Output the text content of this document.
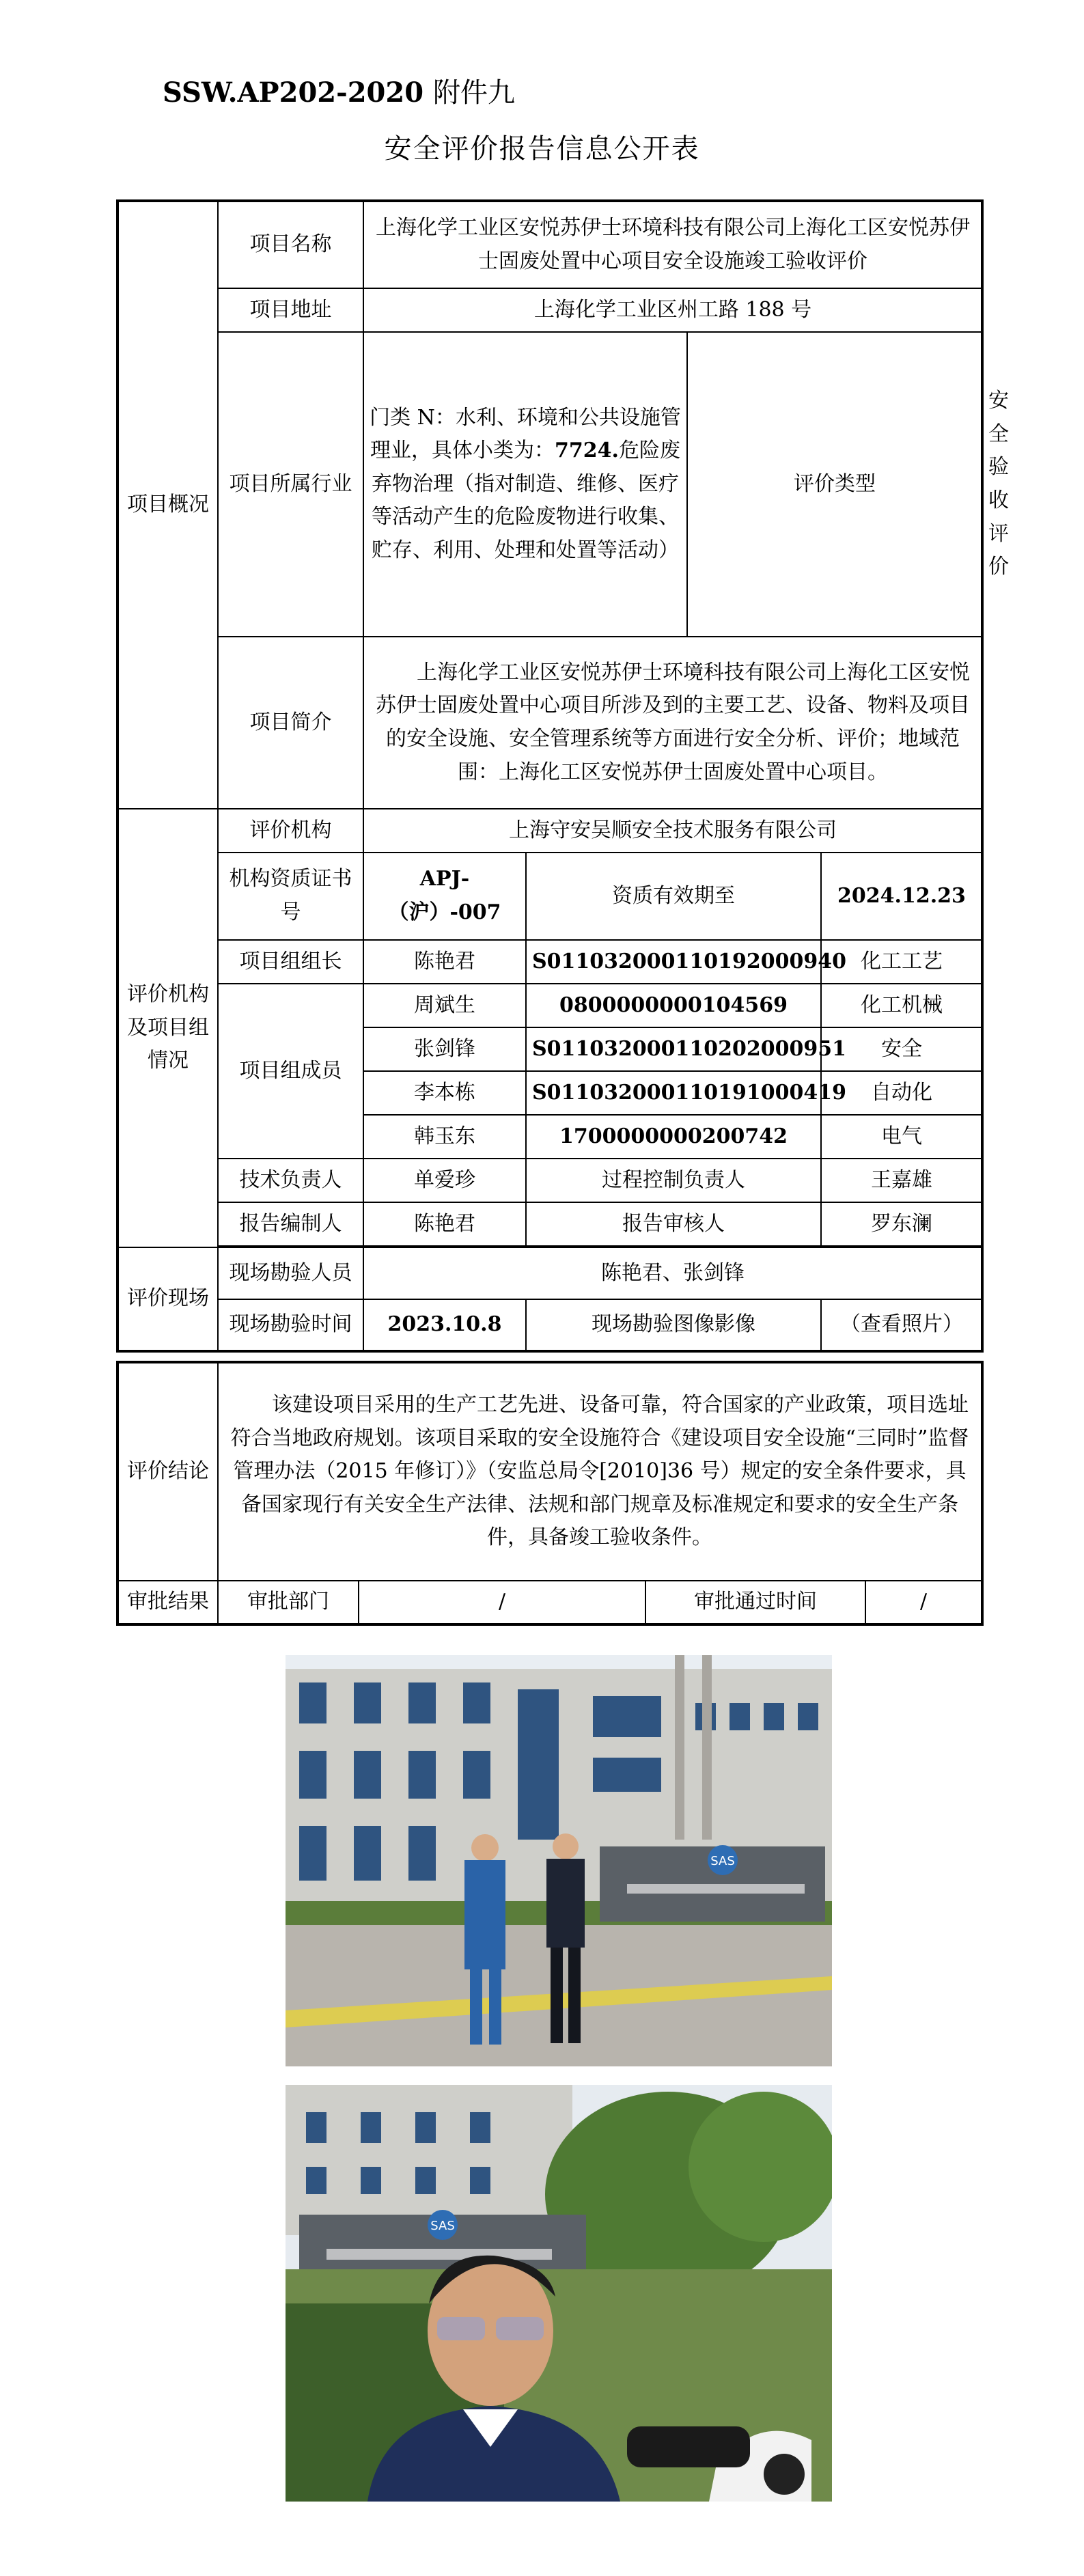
SSW.AP202-2020 附件九
安全评价报告信息公开表
项目概况	项目名称	上海化学工业区安悦苏伊士环境科技有限公司上海化工区安悦苏伊士固废处置中心项目安全设施竣工验收评价				
	项目地址	上海化学工业区州工路 188 号				
	项目所属行业	门类 N：水利、环境和公共设施管理业，具体小类为：7724.危险废弃物治理（指对制造、维修、医疗等活动产生的危险废物进行收集、贮存、利用、处理和处置等活动）		评价类型		安全验收评价
	项目简介	上海化学工业区安悦苏伊士环境科技有限公司上海化工区安悦苏伊士固废处置中心项目所涉及到的主要工艺、设备、物料及项目的安全设施、安全管理系统等方面进行安全分析、评价；地域范围：上海化工区安悦苏伊士固废处置中心项目。				
评价机构及项目组情况	评价机构	上海守安吴顺安全技术服务有限公司				
	机构资质证书号	APJ-（沪）-007	资质有效期至		2024.12.23	
	项目组组长	陈艳君	S011032000110192000940		化工工艺	
	项目组成员	周斌生	0800000000104569		化工机械	
		张剑锋	S011032000110202000951		安全	
		李本栋	S011032000110191000419		自动化	
		韩玉东	1700000000200742		电气	
	技术负责人	单爱珍	过程控制负责人		王嘉雄	
	报告编制人	陈艳君	报告审核人		罗东澜	

评价现场	现场勘验人员	陈艳君、张剑锋				
	现场勘验时间	2023.10.8	现场勘验图像影像		（查看照片）	
评价结论	该建设项目采用的生产工艺先进、设备可靠，符合国家的产业政策，项目选址符合当地政府规划。该项目采取的安全设施符合《建设项目安全设施“三同时”监督管理办法（2015 年修订）》（安监总局令[2010]36 号）规定的安全条件要求，具备国家现行有关安全生产法律、法规和部门规章及标准规定和要求的安全生产条件，具备竣工验收条件。			
审批结果	审批部门	/	审批通过时间	/
SAS
SAS
